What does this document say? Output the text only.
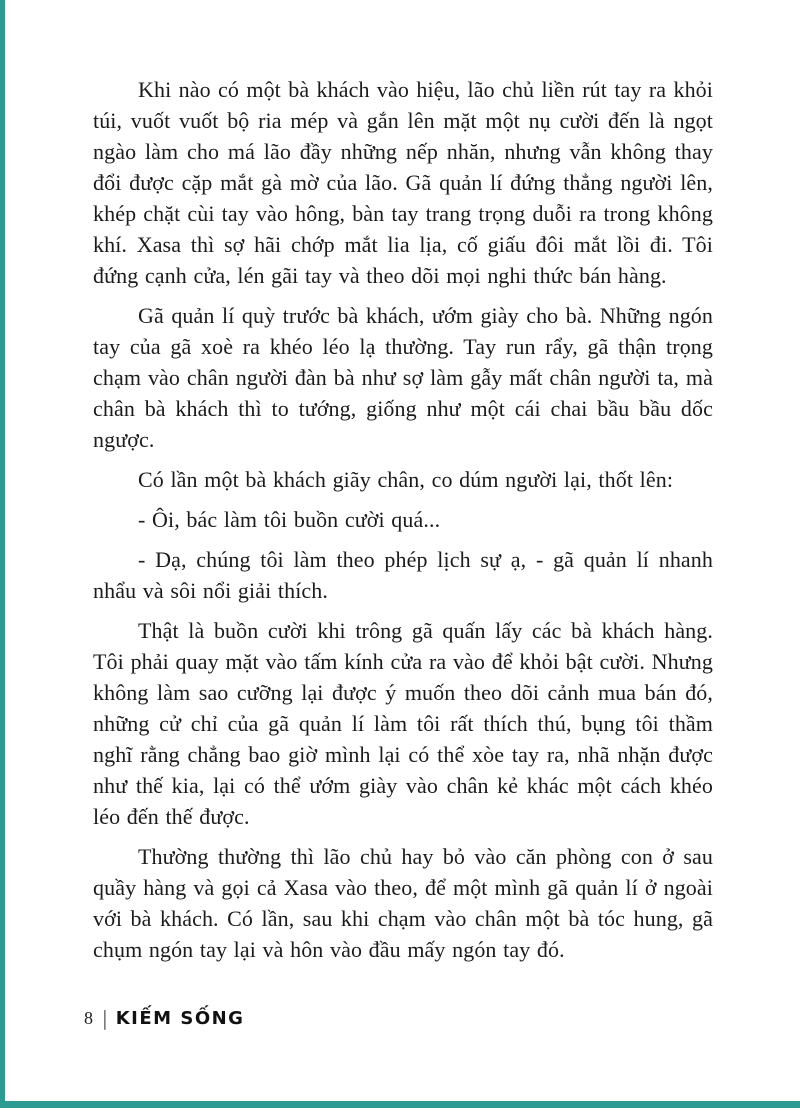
Khi nào có một bà khách vào hiệu, lão chủ liền rút tay ra khỏi túi, vuốt vuốt bộ ria mép và gắn lên mặt một nụ cười đến là ngọt ngào làm cho má lão đầy những nếp nhăn, nhưng vẫn không thay đổi được cặp mắt gà mờ của lão. Gã quản lí đứng thẳng người lên, khép chặt cùi tay vào hông, bàn tay trang trọng duỗi ra trong không khí. Xasa thì sợ hãi chớp mắt lia lịa, cố giấu đôi mắt lồi đi. Tôi đứng cạnh cửa, lén gãi tay và theo dõi mọi nghi thức bán hàng.

Gã quản lí quỳ trước bà khách, ướm giày cho bà. Những ngón tay của gã xoè ra khéo léo lạ thường. Tay run rẩy, gã thận trọng chạm vào chân người đàn bà như sợ làm gẫy mất chân người ta, mà chân bà khách thì to tướng, giống như một cái chai bầu bầu dốc ngược.

Có lần một bà khách giãy chân, co dúm người lại, thốt lên:

- Ôi, bác làm tôi buồn cười quá...

- Dạ, chúng tôi làm theo phép lịch sự ạ, - gã quản lí nhanh nhẩu và sôi nổi giải thích.

Thật là buồn cười khi trông gã quấn lấy các bà khách hàng. Tôi phải quay mặt vào tấm kính cửa ra vào để khỏi bật cười. Nhưng không làm sao cưỡng lại được ý muốn theo dõi cảnh mua bán đó, những cử chỉ của gã quản lí làm tôi rất thích thú, bụng tôi thầm nghĩ rằng chẳng bao giờ mình lại có thể xòe tay ra, nhã nhặn được như thế kia, lại có thể ướm giày vào chân kẻ khác một cách khéo léo đến thế được.

Thường thường thì lão chủ hay bỏ vào căn phòng con ở sau quầy hàng và gọi cả Xasa vào theo, để một mình gã quản lí ở ngoài với bà khách. Có lần, sau khi chạm vào chân một bà tóc hung, gã chụm ngón tay lại và hôn vào đầu mấy ngón tay đó.

8 | KIẾM SỐNG
